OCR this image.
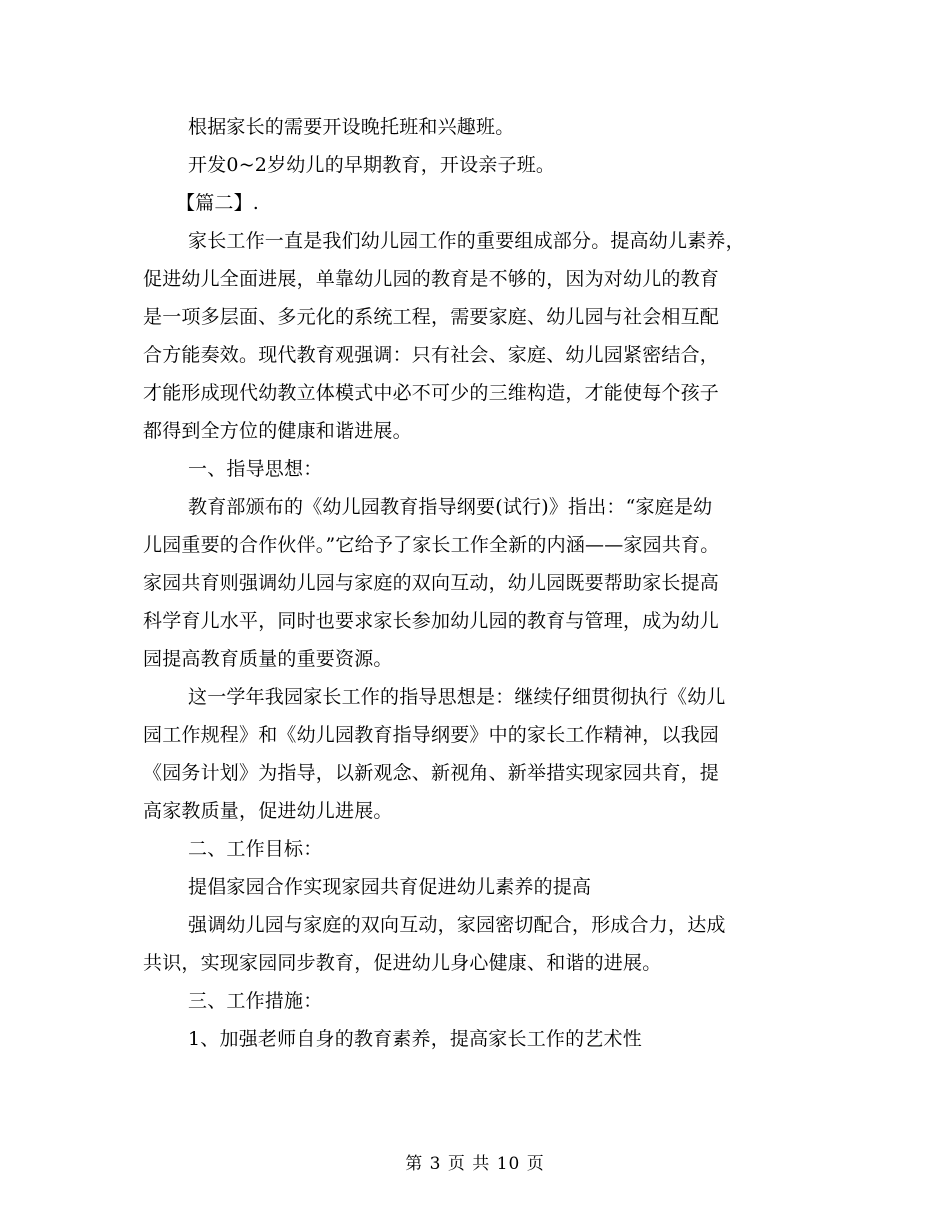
根据家长的需要开设晚托班和兴趣班。
开发0~2岁幼儿的早期教育，开设亲子班。
【篇二】.
家长工作一直是我们幼儿园工作的重要组成部分。提高幼儿素养，
促进幼儿全面进展，单靠幼儿园的教育是不够的，因为对幼儿的教育
是一项多层面、多元化的系统工程，需要家庭、幼儿园与社会相互配
合方能奏效。现代教育观强调：只有社会、家庭、幼儿园紧密结合，
才能形成现代幼教立体模式中必不可少的三维构造，才能使每个孩子
都得到全方位的健康和谐进展。
一、指导思想：
教育部颁布的《幼儿园教育指导纲要(试行)》指出：“家庭是幼
儿园重要的合作伙伴。”它给予了家长工作全新的内涵——家园共育。
家园共育则强调幼儿园与家庭的双向互动，幼儿园既要帮助家长提高
科学育儿水平，同时也要求家长参加幼儿园的教育与管理，成为幼儿
园提高教育质量的重要资源。
这一学年我园家长工作的指导思想是：继续仔细贯彻执行《幼儿
园工作规程》和《幼儿园教育指导纲要》中的家长工作精神，以我园
《园务计划》为指导，以新观念、新视角、新举措实现家园共育，提
高家教质量，促进幼儿进展。
二、工作目标：
提倡家园合作实现家园共育促进幼儿素养的提高
强调幼儿园与家庭的双向互动，家园密切配合，形成合力，达成
共识，实现家园同步教育，促进幼儿身心健康、和谐的进展。
三、工作措施：
1、加强老师自身的教育素养，提高家长工作的艺术性
第 3 页 共 10 页
